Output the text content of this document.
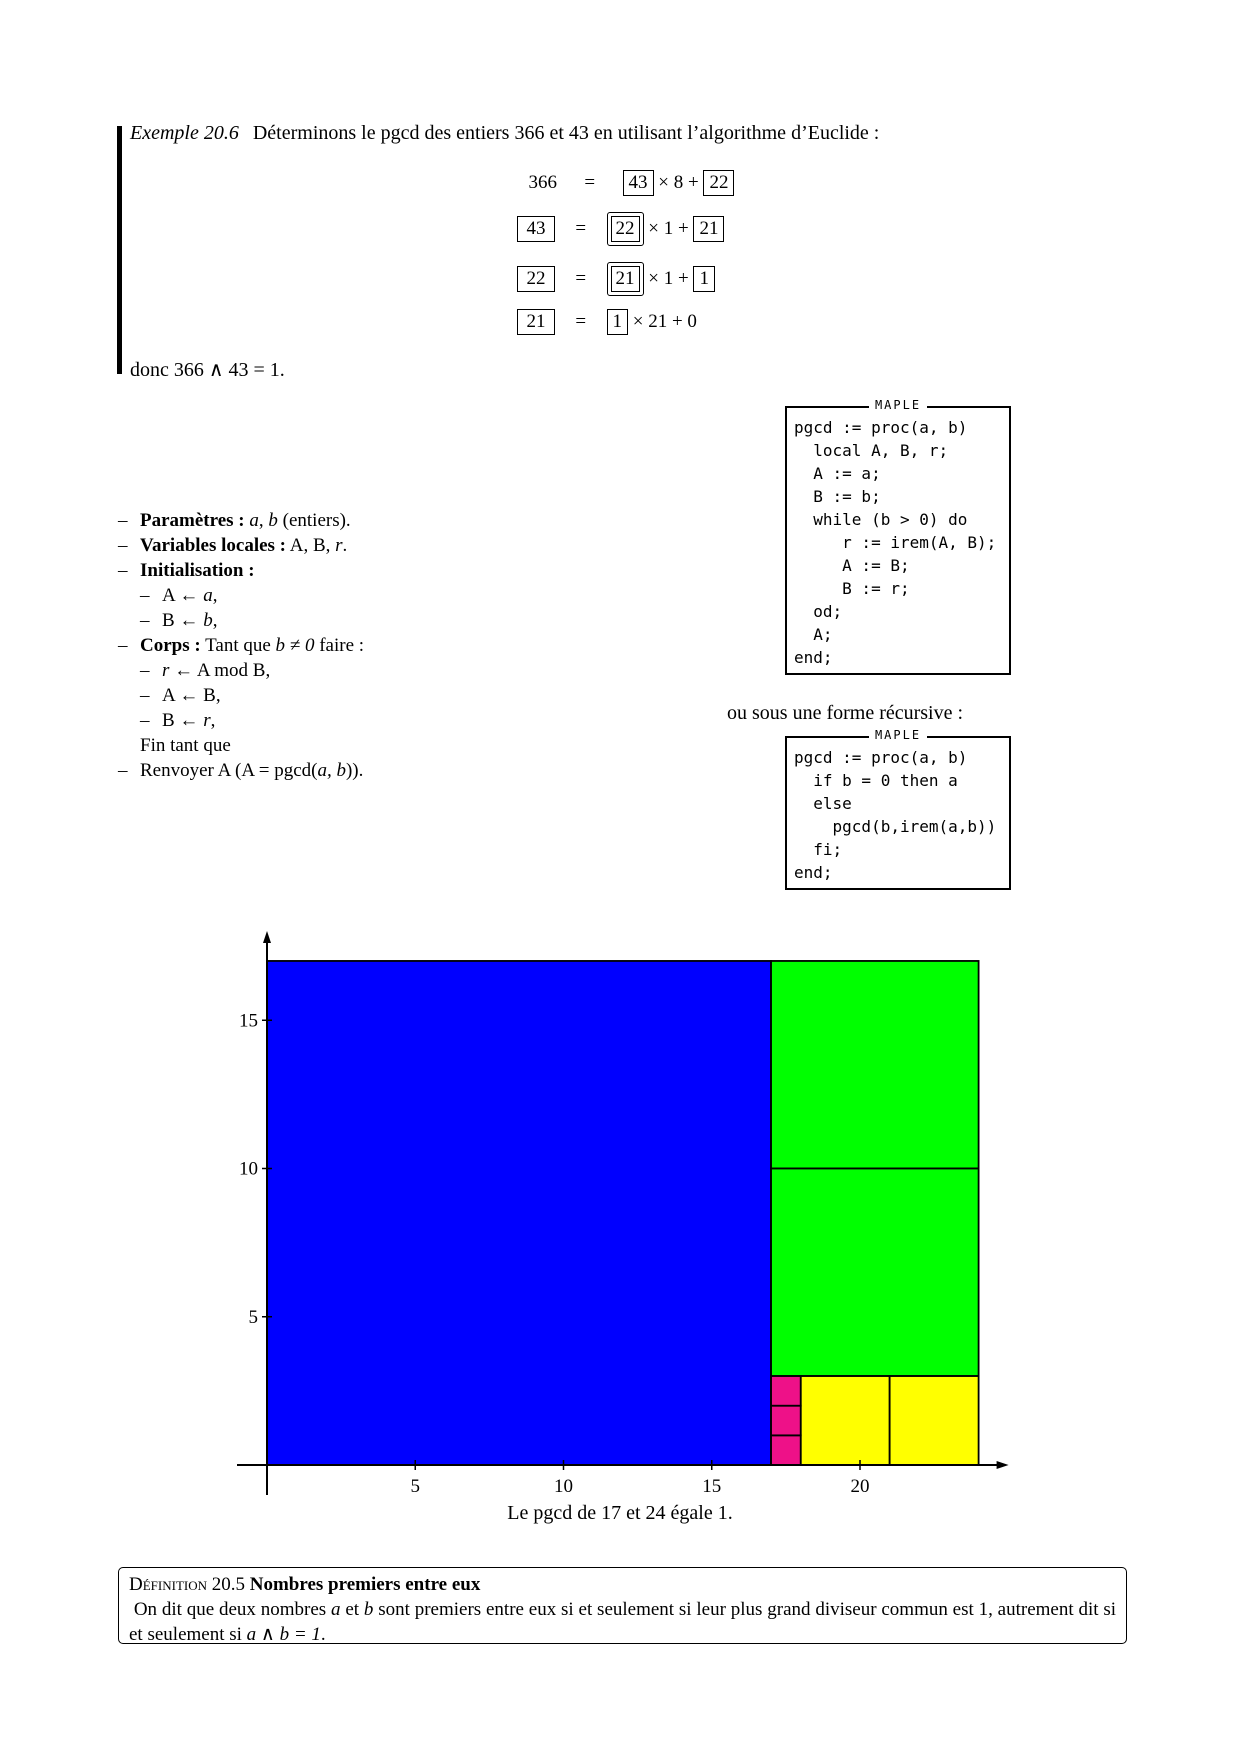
Exemple 20.6 Déterminons le pgcd des entiers 366 et 43 en utilisant l’algorithme d’Euclide :
366 = 43 × 8 + 22
43 = 22 × 1 + 21
22 = 21 × 1 + 1
21 = 1 × 21 + 0
donc 366 ∧ 43 = 1.
MAPLE
pgcd := proc(a, b)
local A, B, r;
A := a;
B := b;
while (b > 0) do
r := irem(A, B);
A := B;
B := r;
od;
A;
end;
– Paramètres : a, b (entiers).
– Variables locales : A, B, r.
– Initialisation :
– A ← a,
– B ← b,
– Corps : Tant que b ≠ 0 faire :
– r ← A mod B,
– A ← B,
– B ← r,
Fin tant que
– Renvoyer A (A = pgcd(a, b)).
ou sous une forme récursive :
MAPLE
pgcd := proc(a, b)
if b = 0 then a
else
pgcd(b,irem(a,b))
fi;
end;
5	10	15	20
5
10
15
Le pgcd de 17 et 24 égale 1.
Définition 20.5 Nombres premiers entre eux
On dit que deux nombres a et b sont premiers entre eux si et seulement si leur plus grand diviseur commun est 1, autrement dit si et seulement si a ∧ b = 1.
